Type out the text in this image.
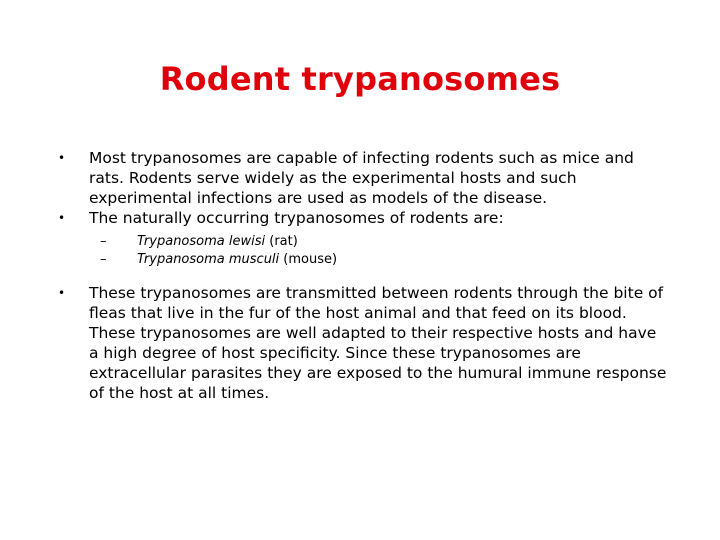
Rodent trypanosomes
• Most trypanosomes are capable of infecting rodents such as mice and rats. Rodents serve widely as the experimental hosts and such experimental infections are used as models of the disease.
• The naturally occurring trypanosomes of rodents are:
– Trypanosoma lewisi (rat)
– Trypanosoma musculi (mouse)
• These trypanosomes are transmitted between rodents through the bite of fleas that live in the fur of the host animal and that feed on its blood. These trypanosomes are well adapted to their respective hosts and have a high degree of host specificity. Since these trypanosomes are extracellular parasites they are exposed to the humural immune response of the host at all times.
